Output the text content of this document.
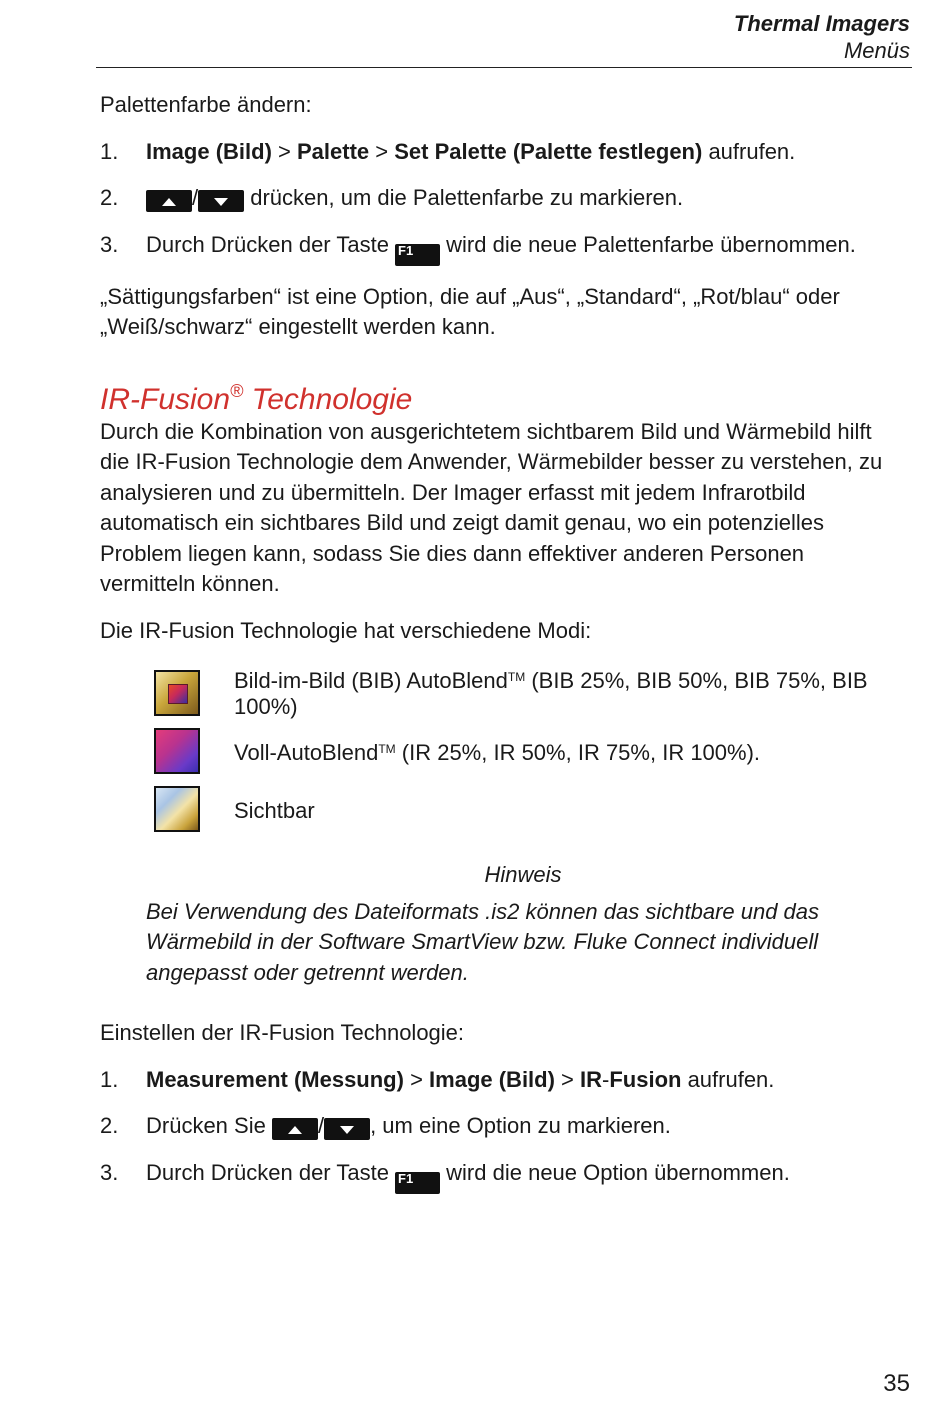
Thermal Imagers
Menüs

Palettenfarbe ändern:

1. Image (Bild) > Palette > Set Palette (Palette festlegen) aufrufen.
2.	/ drücken, um die Palettenfarbe zu markieren.
3. Durch Drücken der Taste F1 wird die neue Palettenfarbe übernommen.

„Sättigungsfarben“ ist eine Option, die auf „Aus“, „Standard“, „Rot/blau“ oder „Weiß/schwarz“ eingestellt werden kann.

IR-Fusion® Technologie

Durch die Kombination von ausgerichtetem sichtbarem Bild und Wärmebild hilft die IR-Fusion Technologie dem Anwender, Wärmebilder besser zu verstehen, zu analysieren und zu übermitteln. Der Imager erfasst mit jedem Infrarotbild automatisch ein sichtbares Bild und zeigt damit genau, wo ein potenzielles Problem liegen kann, sodass Sie dies dann effektiver anderen Personen vermitteln können.

Die IR-Fusion Technologie hat verschiedene Modi:

Bild-im-Bild (BIB) AutoBlend™ (BIB 25%, BIB 50%, BIB 75%, BIB 100%)
Voll-AutoBlend™ (IR 25%, IR 50%, IR 75%, IR 100%).
Sichtbar

Hinweis

Bei Verwendung des Dateiformats .is2 können das sichtbare und das Wärmebild in der Software SmartView bzw. Fluke Connect individuell angepasst oder getrennt werden.

Einstellen der IR-Fusion Technologie:

1. Measurement (Messung) > Image (Bild) > IR-Fusion aufrufen.
2. Drücken Sie / , um eine Option zu markieren.
3. Durch Drücken der Taste F1 wird die neue Option übernommen.
35
